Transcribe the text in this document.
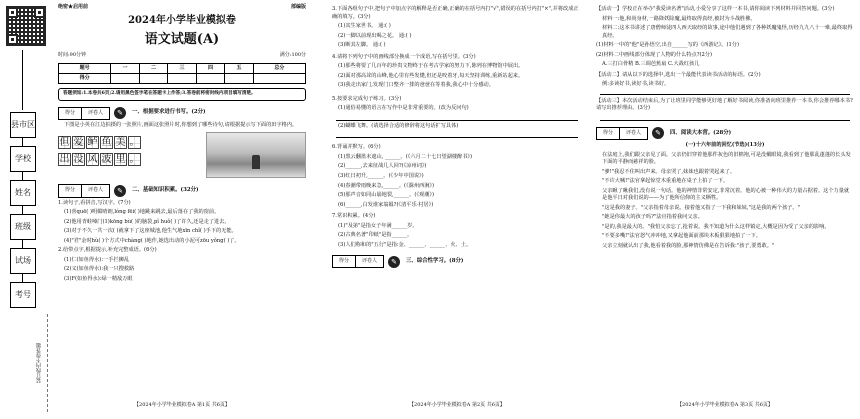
县市区
学校
姓名
班级
试场
考号
装订线内不得答题
绝密★启用前	部编版
2024年小学毕业模拟卷
语文试题(A)
时间:90分钟	满分:100分
题号	一	二	三	四	五	总分
得分						
答题须知:1.本卷共6页;2.请用黑色签字笔在答题卡上作答;3.答卷前将密封线内项目填写清楚。
得分	评卷人	✎	一、根据要求进行书写。(2分)
下图是小英在江边拍摄的一张照片,画面这张照片时,你想到了哪些诗句,请根据提示写下面的田字格内。
但 爱 鲈 鱼 美 。
出 没 风 波 里 。
得分	评卷人	✎	二、基础知识积累。(32分)
1.读句子,看拼音,写汉字。(7分)
(1)喜quē( )明媚晴朗,lóng fēi( )地跳来跳去,最后落在了我的窗前。
(2)他用青蛙嗓门(1)kōng bù( )的脑袋,pǐ huǒ( )了许久,还是走了进去。
(3)对于不久一共一次( )就拿下了这座城池,他生气地xīn chǐ( )手下的无能。
(4)"君"金时hù( )个方式中chàng( )地作,她选出动的小泥可zōu yǒng( )了。
2.给带点字,根据提示,补充完整成语。(6分)
(1)仁(如鱼得水):一手拦狮乱
(2)义(如鱼得水):我一只搜救路
(3)F(如鱼得水):绿一精敌万眼
【2024年小学毕业模拟卷A 第1页 共6页】
3.下面各组句子中,把句子中加点字的解释是否正确,正确的在括号内打"√",错误的在括号内打"×",并将改成正确的填写。(3分)
(1)其生家世书。 通:( )
(2)一脚以前现出喝之花。 通:( )
(3)断其左脚。 通:( )
4.请将下列句子中的画线部分换成一个成语,写在括号里。(3分)
(1)那些将要了几百年的珍贵文物终于在考古学家的努力下,陈列在博物馆中展出。
(2)面对那高耸的山峰,他心里有些发憷,但还是咬着牙,每天坚持训练,重新站起来。
(3)我走出家门,发现门口整齐一排的爸爸在等着我,我心中十分感动。
5.按要求完成句子练习。(3分)
(1)通俗易懂的语言在写作中是非常重要的。(改为反问句)
(2)蝴蝶飞舞。(请选择合适的修辞将这句话扩写具体)
6.背诵并默写。(6分)
(1)黑云翻墨未遮山, ______。(《六月二十七日望湖楼醉书》)
(2)______,去来征战几人回?(《凉州词》)
(3)红日初升,______。(《少年中国说》)
(4)春潮带雨晚来急,______。(《滁州西涧》)
(5)那声音如同山崩地裂,______。(《观潮》)
(6)______,白发谁家翁媪?(《清平乐·村居》)
7.常识积累。(4分)
(1)"及第"是指女子年满______岁。
(2)古典名著"印纸"是指______。
(3)人们称和的"五行"是指:金、______、______、火、土。
得分	评卷人	✎	三、综合性学习。(8分)
【2024年小学毕业模拟卷A 第2页 共6页】
【活动一】学校正在举办"我爱读名著"活动,小爱分享了这样一本书,请你阅读下列材料并回答问题。(3分)
材料一:他,和尚身材,一路降妖除魔,最终取得真经,被封为斗战胜佛。
材料二:这本书讲述了唐僧师徒四人西天取经的故事,途中他们遇到了各种妖魔鬼怪,历经九九八十一难,最终取得真经。
(1)材料一中的"他"是孙悟空,出自______写的《西游记》。(1分)
(2)材料二中画线部分体现了人物的什么特点?(2分)
A.三打白骨精 B.三调芭蕉扇 C.大战红孩儿
【活动二】请从以下的选择中,选出一个最能代表读书活动的标语。(2分)
例:多读好书,读好书,读书好。
【活动三】本次活动结束后,为了让班里同学能够更好地了解好书阅读,你准备向班里推荐一本书,你会推荐哪本书?请写出推荐理由。(3分)
得分	评卷人	✎	四、阅读大本营。(28分)
(一)十六年前的回忆(节选)(13分)
在法庭上,我们跟父亲见了面。父亲仍旧穿着他那件灰色的旧棉袍,可是没戴眼镜,我看到了他那乱蓬蓬的长头发下面的平静而慈祥的脸。
"爹!"我忍不住叫出声来。母亲哭了,妹妹也跟着哭起来了。
"不许大喊!"法官拿起惊堂木重重地在桌子上拍了一下。
父亲瞅了瞅我们,没有说一句话。他的神情非常安定,非常沉着。他的心被一种伟大的力量占据着。这个力量就是他平日对我们说的——为了他所信仰的主义牺牲。
"这是我的妻子。"父亲指着母亲说。接着他又指了一下我和妹妹,"这是我的两个孩子。"
"她是你最大的孩子吗?"法官指着我问父亲。
"是的,我是最大的。"我怕父亲忘了,抢着说。我不知道为什么这样镇定,大概是因为受了父亲的影响。
"不要多嘴!"法官怒气冲冲地,又拿起他面前那块木板狠狠地拍了一下。
父亲立刻就认出了我,他看着我的脸,那神情仿佛是在告诉我:"孩子,要勇敢。"
【2024年小学毕业模拟卷A 第3页 共6页】
